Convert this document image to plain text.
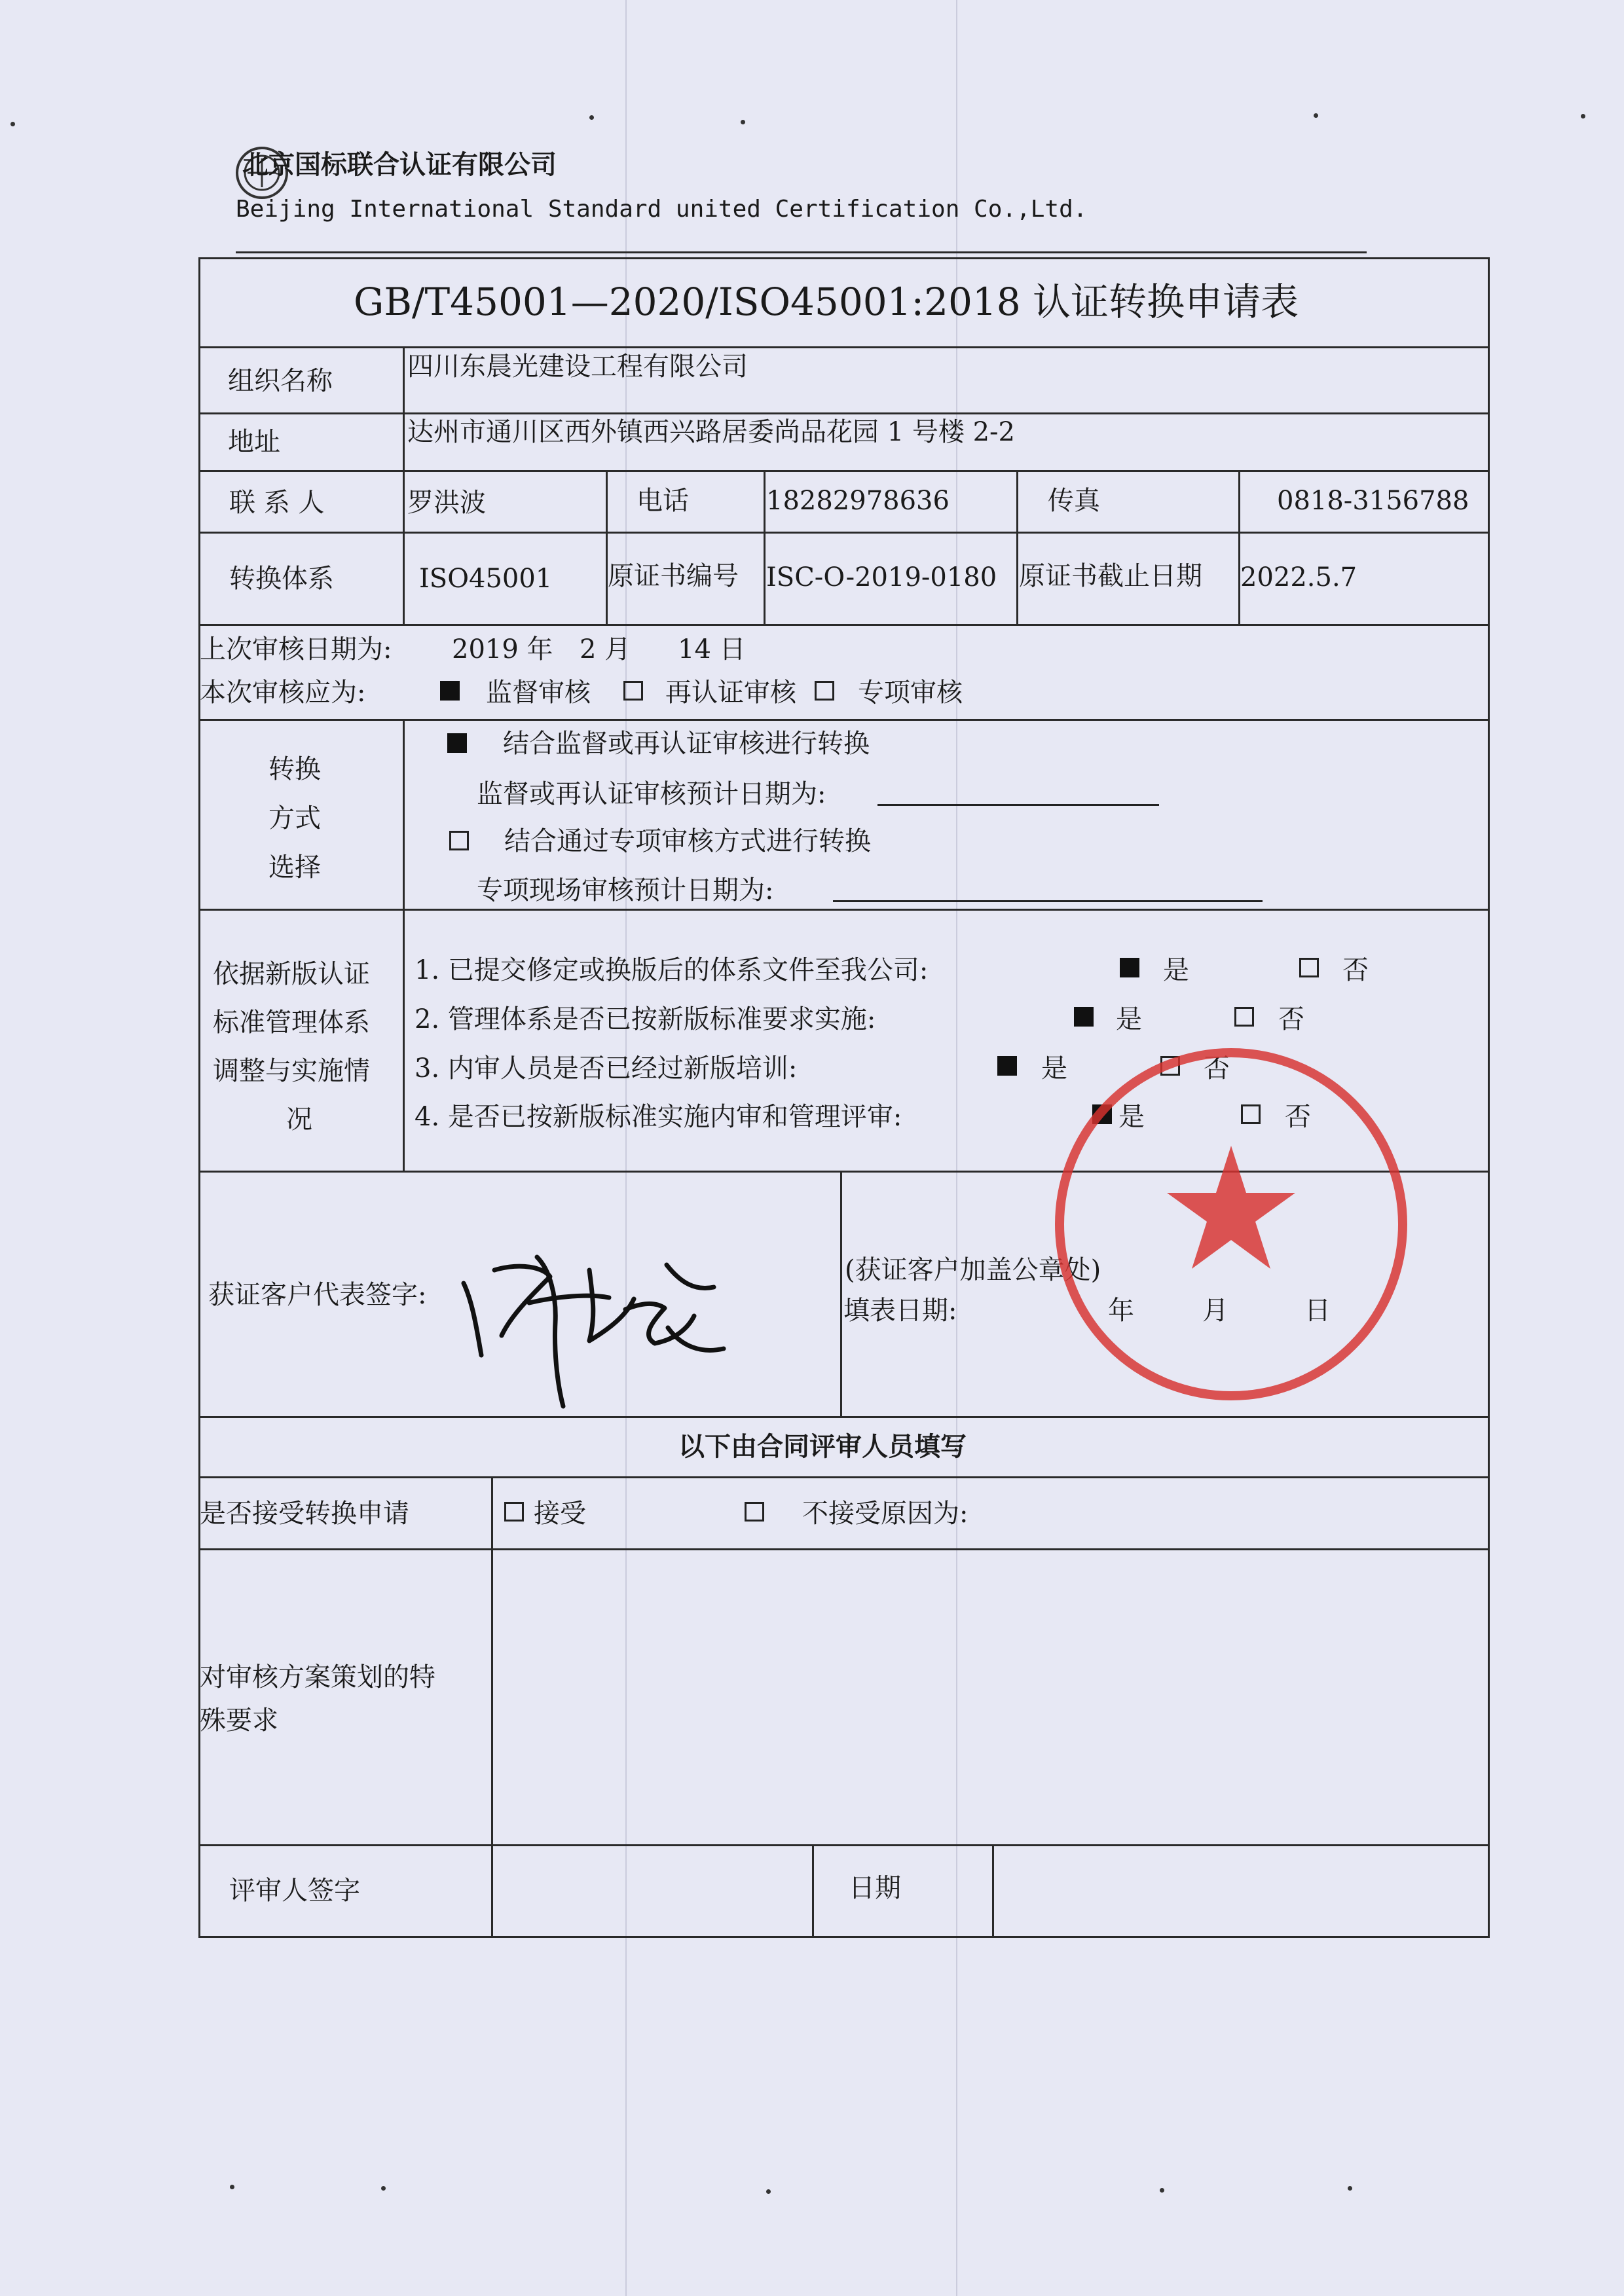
北京国标联合认证有限公司
Beijing International Standard united Certification Co.,Ltd.
GB/T45001—2020/ISO45001:2018 认证转换申请表
组织名称	四川东晨光建设工程有限公司
地址	达州市通川区西外镇西兴路居委尚品花园 1 号楼 2-2
联 系 人	罗洪波	电话	18282978636	传真	0818-3156788
转换体系	ISO45001 原证书编号 ISC-O-2019-0180 原证书截止日期 2022.5.7
上次审核日期为: 2019 年 2 月 14 日
本次审核应为:	监督审核	再认证审核 专项审核
转换
方式
选择
结合监督或再认证审核进行转换
监督或再认证审核预计日期为:
结合通过专项审核方式进行转换
专项现场审核预计日期为:
依据新版认证
标准管理体系
调整与实施情
况
1. 已提交修定或换版后的体系文件至我公司:	是	否
2. 管理体系是否已按新版标准要求实施:	是	否
3. 内审人员是否已经过新版培训:	是	否
4. 是否已按新版标准实施内审和管理评审:	是	否
获证客户代表签字:
(获证客户加盖公章处)
填表日期:	年	月	日
以下由合同评审人员填写
是否接受转换申请	接受	不接受原因为:
对审核方案策划的特
殊要求
评审人签字	日期
